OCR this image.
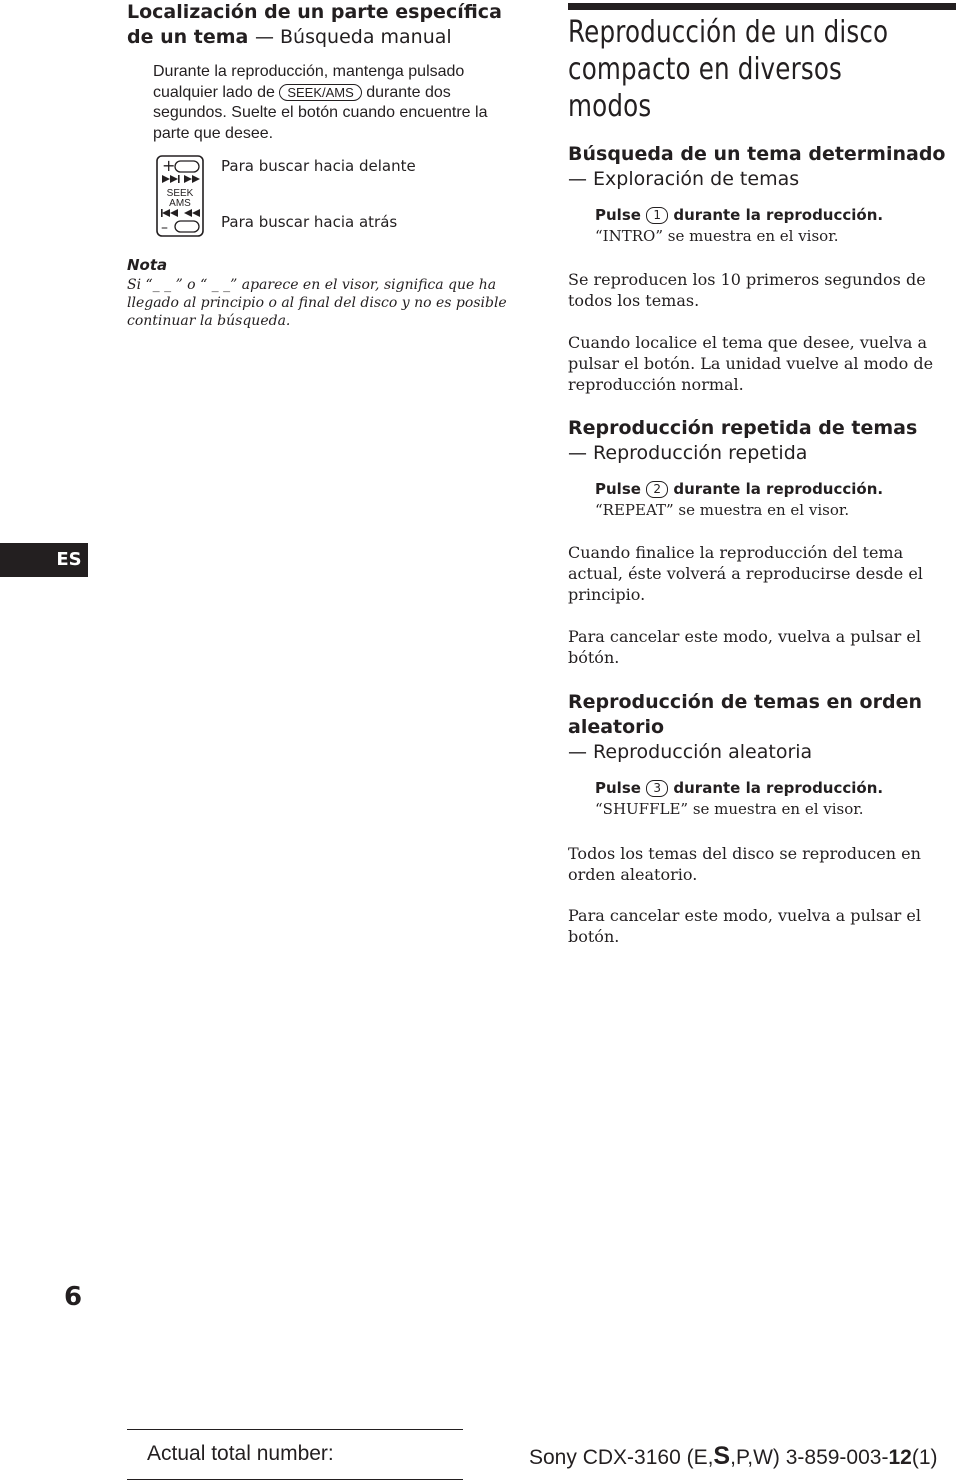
Localización de un parte específica
de un tema — Búsqueda manual
Durante la reproducción, mantenga pulsado cualquier lado de SEEK/AMS durante dos segundos. Suelte el botón cuando encuentre la parte que desee.
+
SEEK
AMS
–
Para buscar hacia delante
Para buscar hacia atrás
Nota
Si “_ _ ” o “ _ _” aparece en el visor, significa que ha llegado al principio o al final del disco y no es posible continuar la búsqueda.
Reproducción de un disco
compacto en diversos
modos
Búsqueda de un tema determinado
— Exploración de temas
Pulse 1 durante la reproducción.
“INTRO” se muestra en el visor.
Se reproducen los 10 primeros segundos de todos los temas.
Cuando localice el tema que desee, vuelva a pulsar el botón. La unidad vuelve al modo de reproducción normal.
Reproducción repetida de temas
— Reproducción repetida
Pulse 2 durante la reproducción.
“REPEAT” se muestra en el visor.
Cuando finalice la reproducción del tema actual, éste volverá a reproducirse desde el principio.
Para cancelar este modo, vuelva a pulsar el bótón.
Reproducción de temas en orden aleatorio
— Reproducción aleatoria
Pulse 3 durante la reproducción.
“SHUFFLE” se muestra en el visor.
Todos los temas del disco se reproducen en orden aleatorio.
Para cancelar este modo, vuelva a pulsar el botón.
ES
6
Actual total number:	Sony CDX-3160 (E,S,P,W) 3-859-003-12(1)
